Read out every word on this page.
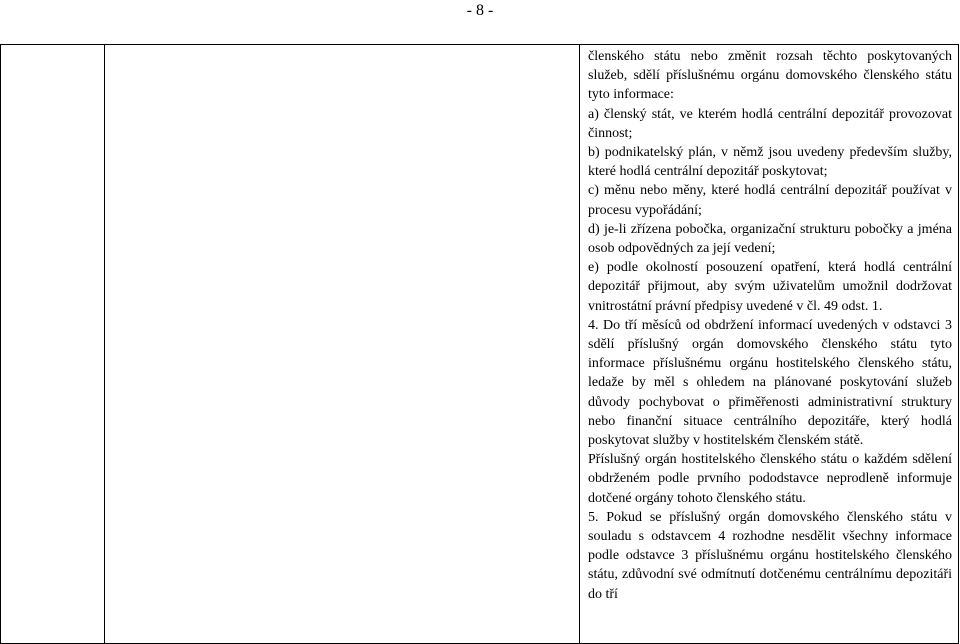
- 8 -

členského státu nebo změnit rozsah těchto poskytovaných služeb, sdělí příslušnému orgánu domovského členského státu tyto informace:

a) členský stát, ve kterém hodlá centrální depozitář provozovat činnost;

b) podnikatelský plán, v němž jsou uvedeny především služby, které hodlá centrální depozitář poskytovat;

c) měnu nebo měny, které hodlá centrální depozitář používat v procesu vypořádání;

d) je-li zřízena pobočka, organizační strukturu pobočky a jména osob odpovědných za její vedení;

e) podle okolností posouzení opatření, která hodlá centrální depozitář přijmout, aby svým uživatelům umožnil dodržovat vnitrostátní právní předpisy uvedené v čl. 49 odst. 1.

4. Do tří měsíců od obdržení informací uvedených v odstavci 3 sdělí příslušný orgán domovského členského státu tyto informace příslušnému orgánu hostitelského členského státu, ledaže by měl s ohledem na plánované poskytování služeb důvody pochybovat o přiměřenosti administrativní struktury nebo finanční situace centrálního depozitáře, který hodlá poskytovat služby v hostitelském členském státě.

Příslušný orgán hostitelského členského státu o každém sdělení obdrženém podle prvního pododstavce neprodleně informuje dotčené orgány tohoto členského státu.

5. Pokud se příslušný orgán domovského členského státu v souladu s odstavcem 4 rozhodne nesdělit všechny informace podle odstavce 3 příslušnému orgánu hostitelského členského státu, zdůvodní své odmítnutí dotčenému centrálnímu depozitáři do tří
